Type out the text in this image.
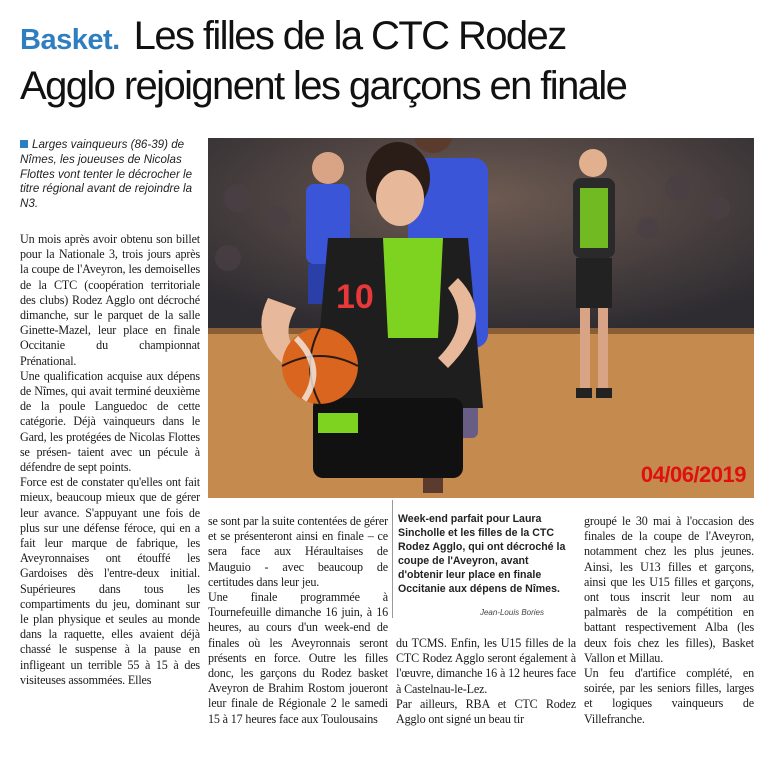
Basket. Les filles de la CTC Rodez
Agglo rejoignent les garçons en finale
Larges vainqueurs (86-39) de Nîmes, les joueuses de Nicolas Flottes vont tenter le décrocher le titre régional avant de rejoindre la N3.

Un mois après avoir obtenu son billet pour la Nationale 3, trois jours après la coupe de l'Aveyron, les demoiselles de la CTC (coopération territoriale des clubs) Rodez Agglo ont décroché dimanche, sur le parquet de la salle Ginette-Mazel, leur place en finale Occitanie du championnat Prénational.

Une qualification acquise aux dépens de Nîmes, qui avait terminé deuxième de la poule Languedoc de cette catégorie. Déjà vainqueurs dans le Gard, les protégées de Nicolas Flottes se présen- taient avec un pécule à défendre de sept points.

Force est de constater qu'elles ont fait mieux, beaucoup mieux que de gérer leur avance. S'appuyant une fois de plus sur une défense féroce, qui en a fait leur marque de fabrique, les Aveyronnaises ont étouffé les Gardoises dès l'entre-deux initial. Supérieures dans tous les compartiments du jeu, dominant sur le plan physique et seules au monde dans la raquette, elles avaient déjà chassé le suspense à la pause en infligeant un terrible 55 à 15 à des visiteuses assommées. Elles

10
04/06/2019

se sont par la suite contentées de gérer et se présenteront ainsi en finale – ce sera face aux Héraultaises de Mauguio - avec beaucoup de certitudes dans leur jeu.

Une finale programmée à Tournefeuille dimanche 16 juin, à 16 heures, au cours d'un week-end de finales où les Aveyronnais seront présents en force. Outre les filles donc, les garçons du Rodez basket Aveyron de Brahim Rostom joueront leur finale de Régionale 2 le samedi 15 à 17 heures face aux Toulousains

Week-end parfait pour Laura Sincholle et les filles de la CTC Rodez Agglo, qui ont décroché la coupe de l'Aveyron, avant d'obtenir leur place en finale Occitanie aux dépens de Nîmes.
Jean-Louis Bories

du TCMS. Enfin, les U15 filles de la CTC Rodez Agglo seront également à l'œuvre, dimanche 16 à 12 heures face à Castelnau-le-Lez.

Par ailleurs, RBA et CTC Rodez Agglo ont signé un beau tir

groupé le 30 mai à l'occasion des finales de la coupe de l'Aveyron, notamment chez les plus jeunes. Ainsi, les U13 filles et garçons, ainsi que les U15 filles et garçons, ont tous inscrit leur nom au palmarès de la compétition en battant respectivement Alba (les deux fois chez les filles), Basket Vallon et Millau.

Un feu d'artifice complété, en soirée, par les seniors filles, larges et logiques vainqueurs de Villefranche.
